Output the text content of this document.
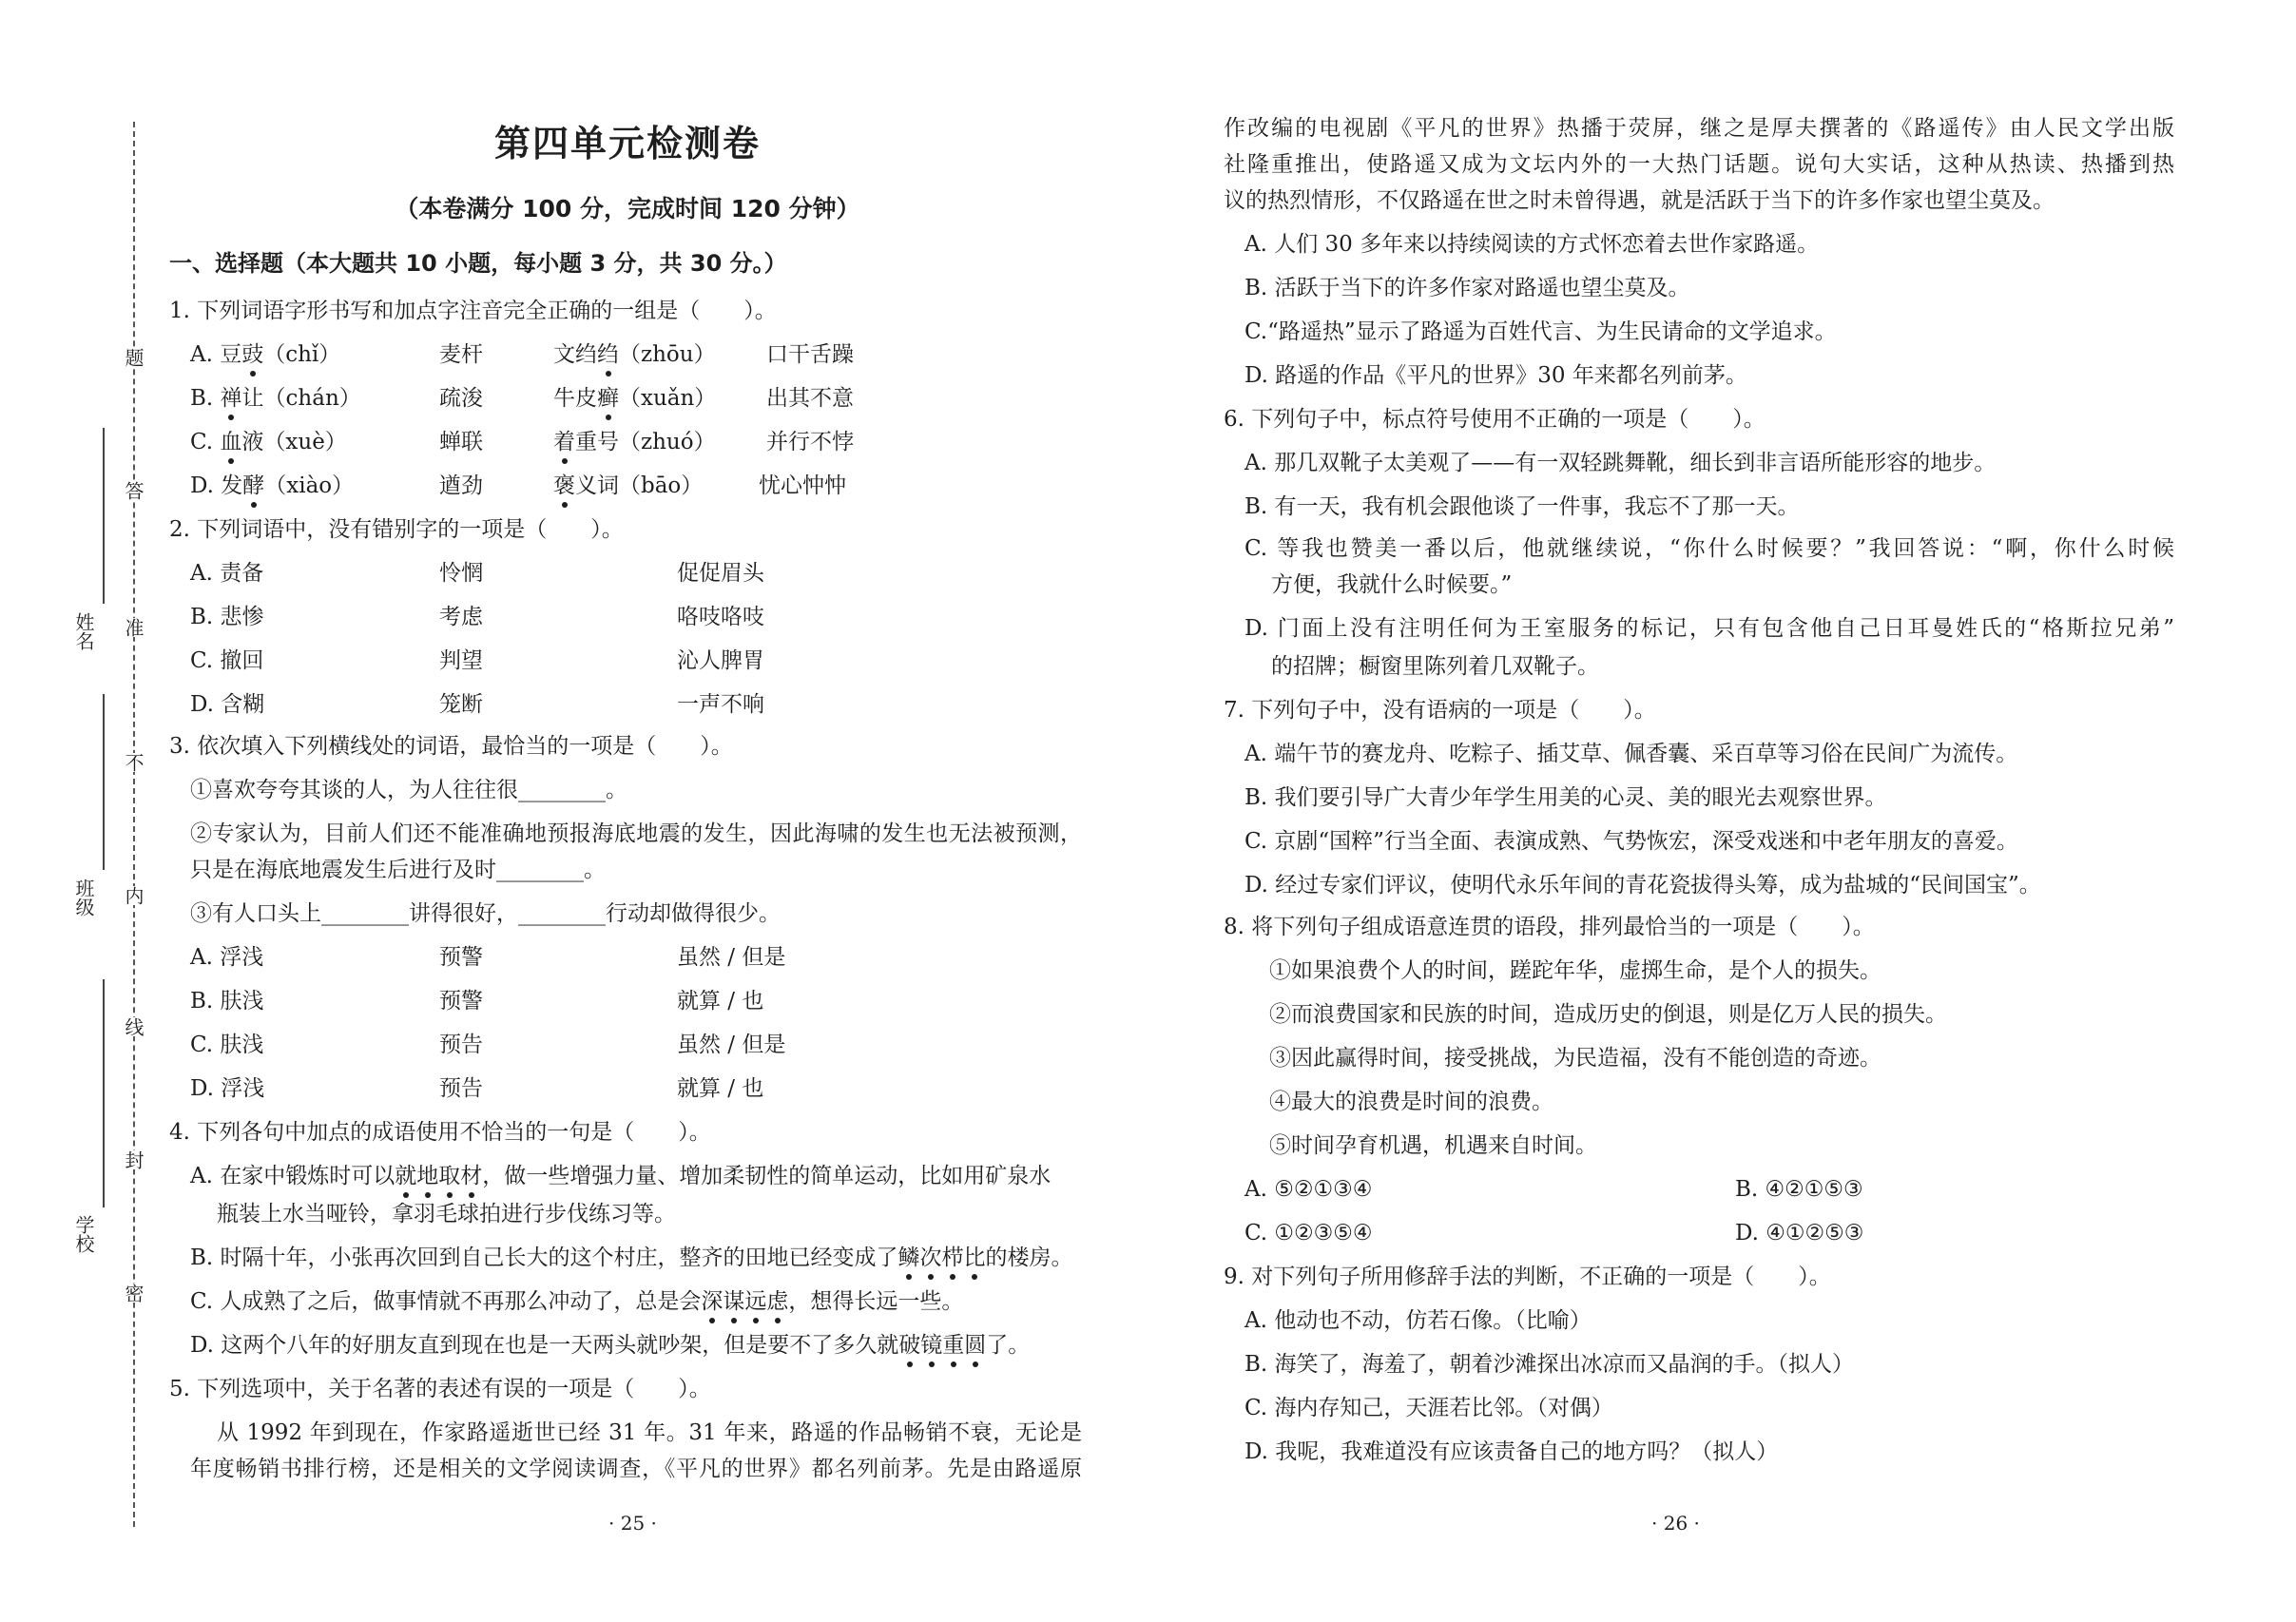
题
答
准
不
内
线
封
密
姓名
班级
学校
第四单元检测卷
（本卷满分 100 分，完成时间 120 分钟）
一、选择题（本大题共 10 小题，每小题 3 分，共 30 分。）
1. 下列词语字形书写和加点字注音完全正确的一组是（　　）。
A. 豆豉（chǐ）	麦杆	文绉绉（zhōu） 口干舌躁
B. 禅让（chán）	疏浚	牛皮癣（xuǎn） 出其不意
C. 血液（xuè）	蝉联	着重号（zhuó） 并行不悖
D. 发酵（xiào）	遒劲	褒义词（bāo）	忧心忡忡
2. 下列词语中，没有错别字的一项是（　　）。
A. 责备	怜惘	促促眉头
B. 悲惨	考虑	咯吱咯吱
C. 撤回	判望	沁人脾胃
D. 含糊	笼断	一声不响
3. 依次填入下列横线处的词语，最恰当的一项是（　　）。
①喜欢夸夸其谈的人，为人往往很________。
②专家认为，目前人们还不能准确地预报海底地震的发生，因此海啸的发生也无法被预测，
只是在海底地震发生后进行及时________。
③有人口头上________讲得很好，________行动却做得很少。
A. 浮浅	预警	虽然 / 但是
B. 肤浅	预警	就算 / 也
C. 肤浅	预告	虽然 / 但是
D. 浮浅	预告	就算 / 也
4. 下列各句中加点的成语使用不恰当的一句是（　　）。
A. 在家中锻炼时可以就地取材，做一些增强力量、增加柔韧性的简单运动，比如用矿泉水
瓶装上水当哑铃，拿羽毛球拍进行步伐练习等。
B. 时隔十年，小张再次回到自己长大的这个村庄，整齐的田地已经变成了鳞次栉比的楼房。
C. 人成熟了之后，做事情就不再那么冲动了，总是会深谋远虑，想得长远一些。
D. 这两个八年的好朋友直到现在也是一天两头就吵架，但是要不了多久就破镜重圆了。
5. 下列选项中，关于名著的表述有误的一项是（　　）。
从 1992 年到现在，作家路遥逝世已经 31 年。31 年来，路遥的作品畅销不衰，无论是
年度畅销书排行榜，还是相关的文学阅读调查，《平凡的世界》都名列前茅。先是由路遥原
· 25 ·
作改编的电视剧《平凡的世界》热播于荧屏，继之是厚夫撰著的《路遥传》由人民文学出版
社隆重推出，使路遥又成为文坛内外的一大热门话题。说句大实话，这种从热读、热播到热
议的热烈情形，不仅路遥在世之时未曾得遇，就是活跃于当下的许多作家也望尘莫及。
A. 人们 30 多年来以持续阅读的方式怀恋着去世作家路遥。
B. 活跃于当下的许多作家对路遥也望尘莫及。
C.“路遥热”显示了路遥为百姓代言、为生民请命的文学追求。
D. 路遥的作品《平凡的世界》30 年来都名列前茅。
6. 下列句子中，标点符号使用不正确的一项是（　　）。
A. 那几双靴子太美观了——有一双轻跳舞靴，细长到非言语所能形容的地步。
B. 有一天，我有机会跟他谈了一件事，我忘不了那一天。
C. 等我也赞美一番以后，他就继续说，“你什么时候要？”我回答说：“啊，你什么时候
方便，我就什么时候要。”
D. 门面上没有注明任何为王室服务的标记，只有包含他自己日耳曼姓氏的“格斯拉兄弟”
的招牌；橱窗里陈列着几双靴子。
7. 下列句子中，没有语病的一项是（　　）。
A. 端午节的赛龙舟、吃粽子、插艾草、佩香囊、采百草等习俗在民间广为流传。
B. 我们要引导广大青少年学生用美的心灵、美的眼光去观察世界。
C. 京剧“国粹”行当全面、表演成熟、气势恢宏，深受戏迷和中老年朋友的喜爱。
D. 经过专家们评议，使明代永乐年间的青花瓷拔得头筹，成为盐城的“民间国宝”。
8. 将下列句子组成语意连贯的语段，排列最恰当的一项是（　　）。
①如果浪费个人的时间，蹉跎年华，虚掷生命，是个人的损失。
②而浪费国家和民族的时间，造成历史的倒退，则是亿万人民的损失。
③因此赢得时间，接受挑战，为民造福，没有不能创造的奇迹。
④最大的浪费是时间的浪费。
⑤时间孕育机遇，机遇来自时间。
A. ⑤②①③④	B. ④②①⑤③
C. ①②③⑤④	D. ④①②⑤③
9. 对下列句子所用修辞手法的判断，不正确的一项是（　　）。
A. 他动也不动，仿若石像。（比喻）
B. 海笑了，海羞了，朝着沙滩探出冰凉而又晶润的手。（拟人）
C. 海内存知己，天涯若比邻。（对偶）
D. 我呢，我难道没有应该责备自己的地方吗？（拟人）
· 26 ·
